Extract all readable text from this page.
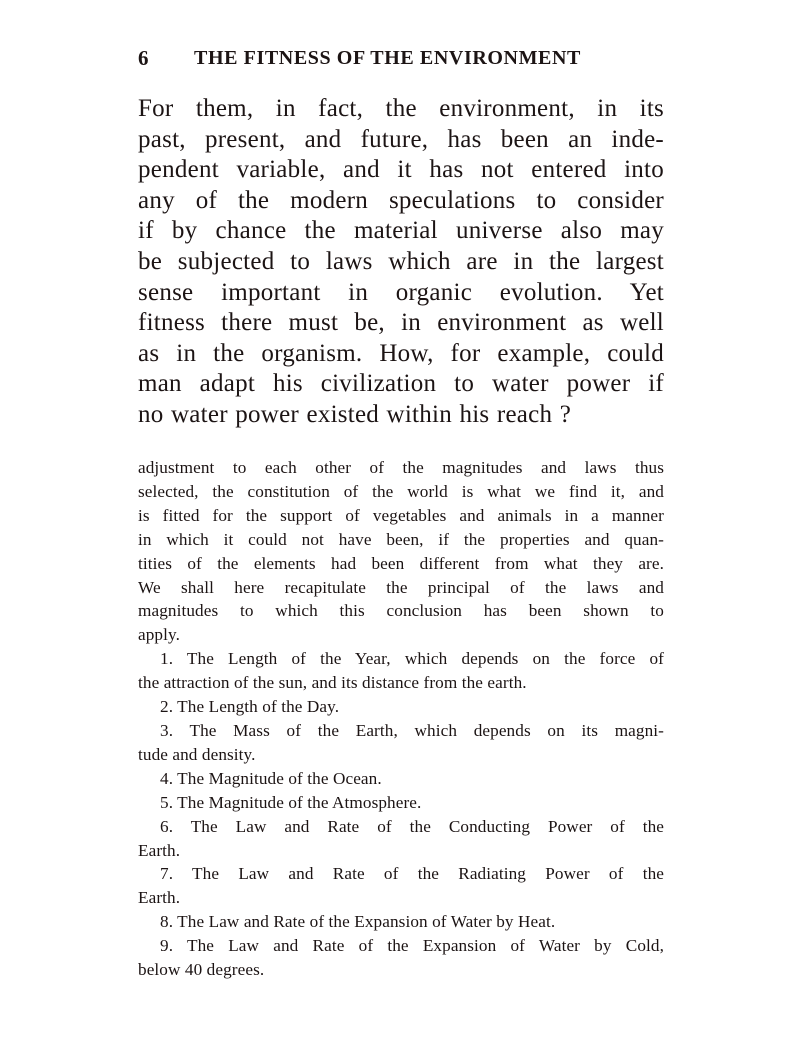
6 THE FITNESS OF THE ENVIRONMENT
For them, in fact, the environment, in its
past, present, and future, has been an inde-
pendent variable, and it has not entered into
any of the modern speculations to consider
if by chance the material universe also may
be subjected to laws which are in the largest
sense important in organic evolution. Yet
fitness there must be, in environment as well
as in the organism. How, for example, could
man adapt his civilization to water power if
no water power existed within his reach ?
adjustment to each other of the magnitudes and laws thus
selected, the constitution of the world is what we find it, and
is fitted for the support of vegetables and animals in a manner
in which it could not have been, if the properties and quan-
tities of the elements had been different from what they are.
We shall here recapitulate the principal of the laws and
magnitudes to which this conclusion has been shown to
apply.
1. The Length of the Year, which depends on the force of
the attraction of the sun, and its distance from the earth.
2. The Length of the Day.
3. The Mass of the Earth, which depends on its magni-
tude and density.
4. The Magnitude of the Ocean.
5. The Magnitude of the Atmosphere.
6. The Law and Rate of the Conducting Power of the
Earth.
7. The Law and Rate of the Radiating Power of the
Earth.
8. The Law and Rate of the Expansion of Water by Heat.
9. The Law and Rate of the Expansion of Water by Cold,
below 40 degrees.
